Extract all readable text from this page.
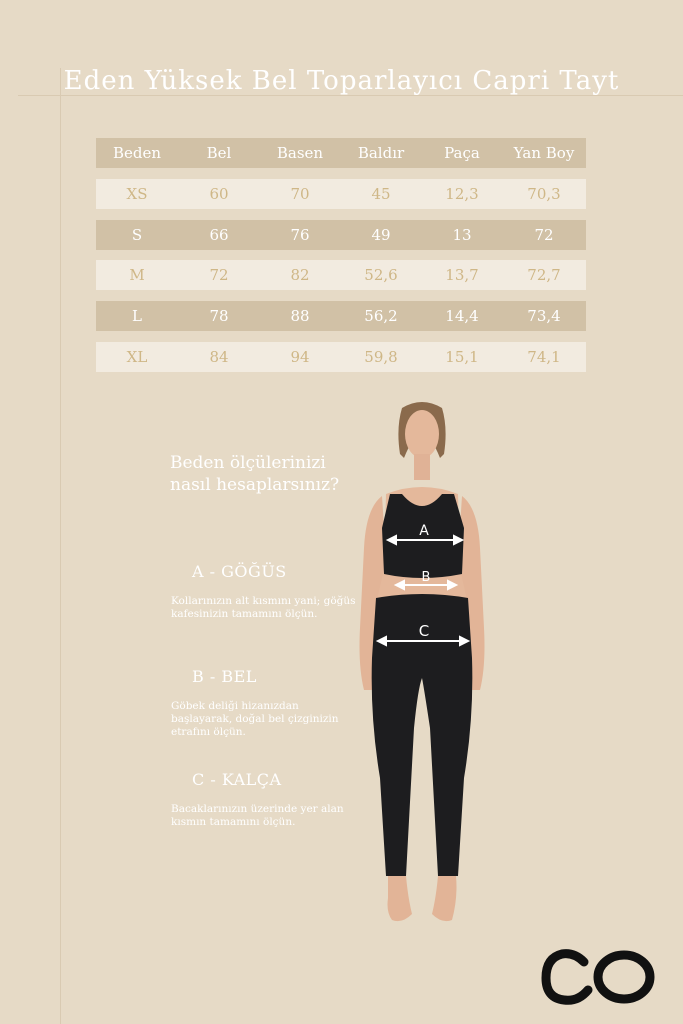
Eden Yüksek Bel Toparlayıcı Capri Tayt
Beden	Bel	Basen	Baldır	Paça	Yan Boy
XS	60	70	45	12,3	70,3
S	66	76	49	13	72
M	72	82	52,6	13,7	72,7
L	78	88	56,2	14,4	73,4
XL	84	94	59,8	15,1	74,1
Beden ölçülerinizi
nasıl hesaplarsınız?
A - GÖĞÜS
Kollarınızın alt kısmını yani; göğüs kafesinizin tamamını ölçün.
B - BEL
Göbek deliği hizanızdan başlayarak, doğal bel çizginizin etrafını ölçün.
C - KALÇA
Bacaklarınızın üzerinde yer alan kısmın tamamını ölçün.
A
B
C
